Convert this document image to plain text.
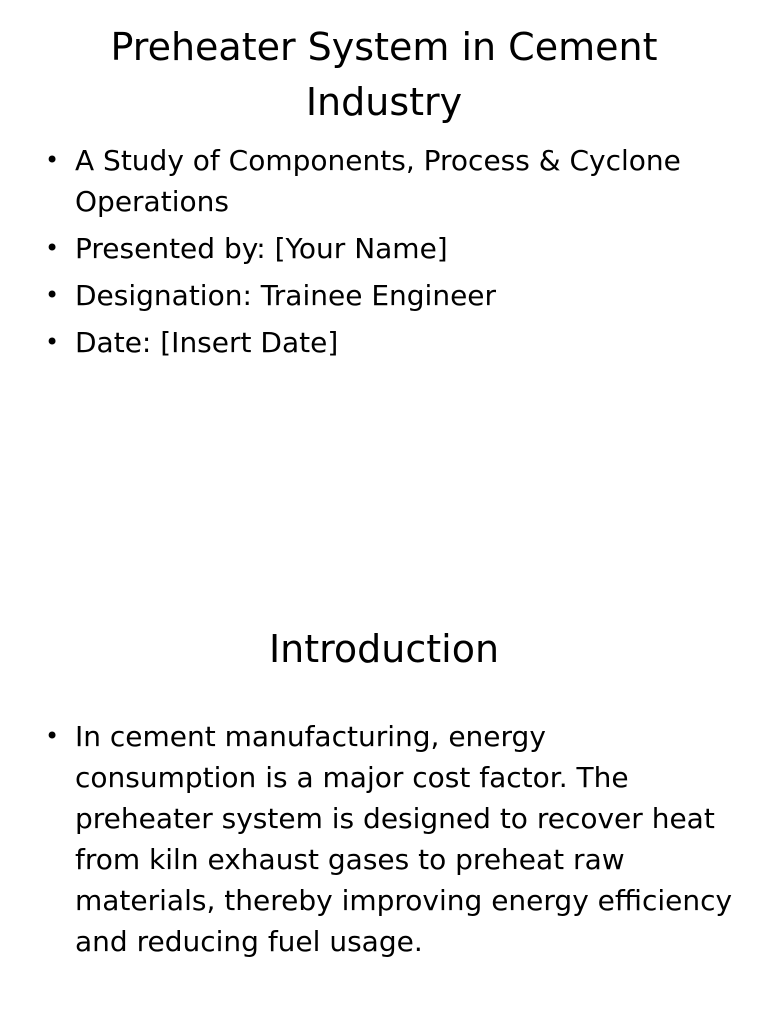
Preheater System in Cement Industry
• A Study of Components, Process & Cyclone Operations
• Presented by: [Your Name]
• Designation: Trainee Engineer
• Date: [Insert Date]
Introduction
• In cement manufacturing, energy consumption is a major cost factor. The preheater system is designed to recover heat from kiln exhaust gases to preheat raw materials, thereby improving energy efficiency and reducing fuel usage.
